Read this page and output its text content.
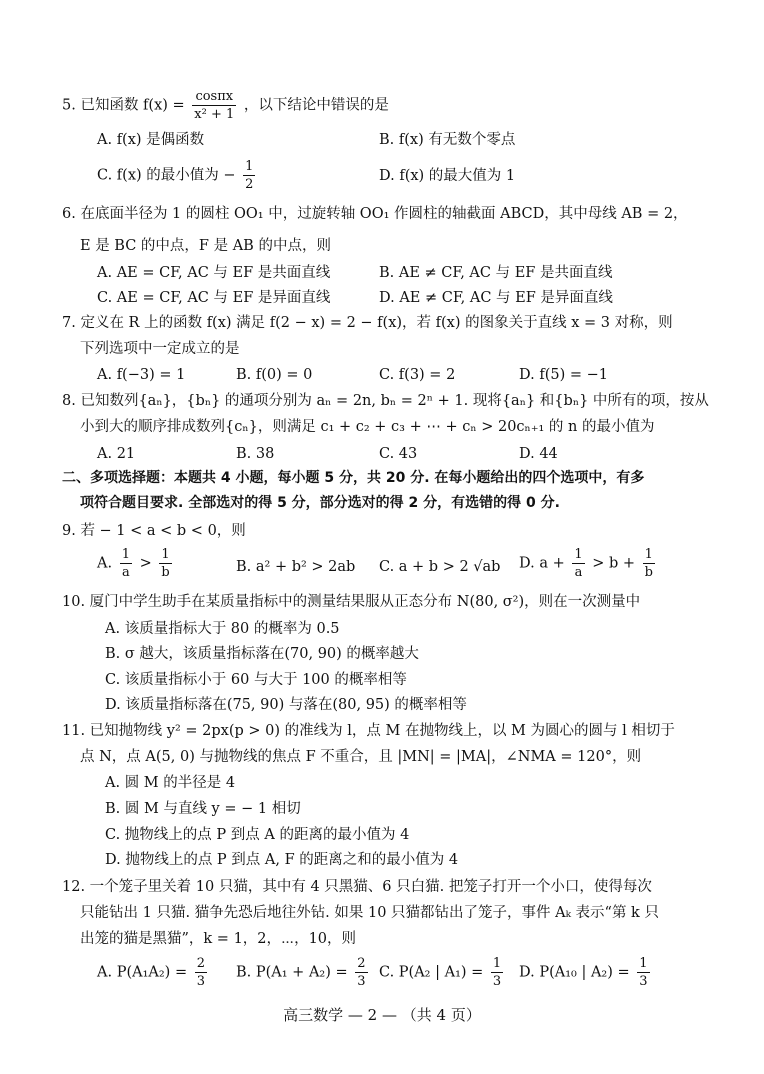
5. 已知函数 $f(x) = \frac{\cos\pi x}{\text{x² + 1}}$ ，以下结论中错误的是
A. f(x) 是偶函数	B. f(x) 有无数个零点
C. f(x) 的最小值为 − $\frac{1}{2}$	D. f(x) 的最大值为 1
6. 在底面半径为 1 的圆柱 OO₁ 中，过旋转轴 OO₁ 作圆柱的轴截面 ABCD，其中母线 AB = 2，
E 是 BC 的中点，F 是 AB 的中点，则
A. AE = CF, AC 与 EF 是共面直线	B. AE ≠ CF, AC 与 EF 是共面直线
C. AE = CF, AC 与 EF 是异面直线	D. AE ≠ CF, AC 与 EF 是异面直线
7. 定义在 R 上的函数 f(x) 满足 f(2 − x) = 2 − f(x)，若 f(x) 的图象关于直线 x = 3 对称，则
下列选项中一定成立的是
A. f(−3) = 1	B. f(0) = 0	C. f(3) = 2	D. f(5) = −1
8. 已知数列{aₙ}，{bₙ} 的通项分别为 aₙ = 2n, bₙ = 2ⁿ + 1. 现将{aₙ} 和{bₙ} 中所有的项，按从
小到大的顺序排成数列{cₙ}，则满足 c₁ + c₂ + c₃ + ⋯ + cₙ > 20cₙ₊₁ 的 n 的最小值为
A. 21	B. 38	C. 43	D. 44
二、多项选择题：本题共 4 小题，每小题 5 分，共 20 分. 在每小题给出的四个选项中，有多
项符合题目要求. 全部选对的得 5 分，部分选对的得 2 分，有选错的得 0 分.
9. 若 − 1 < a < b < 0，则
A. $\frac{1}{a} > \frac{1}{b}$	B. a² + b² > 2ab C. a + b > 2 √ab D. $a + \frac{1}{a} > b + \frac{1}{b}$
10. 厦门中学生助手在某质量指标中的测量结果服从正态分布 N(80, σ²)，则在一次测量中
A. 该质量指标大于 80 的概率为 0.5
B. σ 越大，该质量指标落在(70, 90) 的概率越大
C. 该质量指标小于 60 与大于 100 的概率相等
D. 该质量指标落在(75, 90) 与落在(80, 95) 的概率相等
11. 已知抛物线 y² = 2px(p > 0) 的准线为 l，点 M 在抛物线上，以 M 为圆心的圆与 l 相切于
点 N，点 A(5, 0) 与抛物线的焦点 F 不重合，且 |MN| = |MA|，∠NMA = 120°，则
A. 圆 M 的半径是 4
B. 圆 M 与直线 y = − 1 相切
C. 抛物线上的点 P 到点 A 的距离的最小值为 4
D. 抛物线上的点 P 到点 A, F 的距离之和的最小值为 4
12. 一个笼子里关着 10 只猫，其中有 4 只黑猫、6 只白猫. 把笼子打开一个小口，使得每次
只能钻出 1 只猫. 猫争先恐后地往外钻. 如果 10 只猫都钻出了笼子，事件 Aₖ 表示“第 k 只
出笼的猫是黑猫”，k = 1，2，⋯，10，则
A. $P(A_1A_2) = \frac{2}{3} B$. $P(A_1 + A_2) = \frac{2}{3} C$. P(A₂ | $A_1) = \frac{1}{3} D$. P(A₁₀ | $A_2) = \frac{1}{3}$
高三数学 — 2 — （共 4 页）
